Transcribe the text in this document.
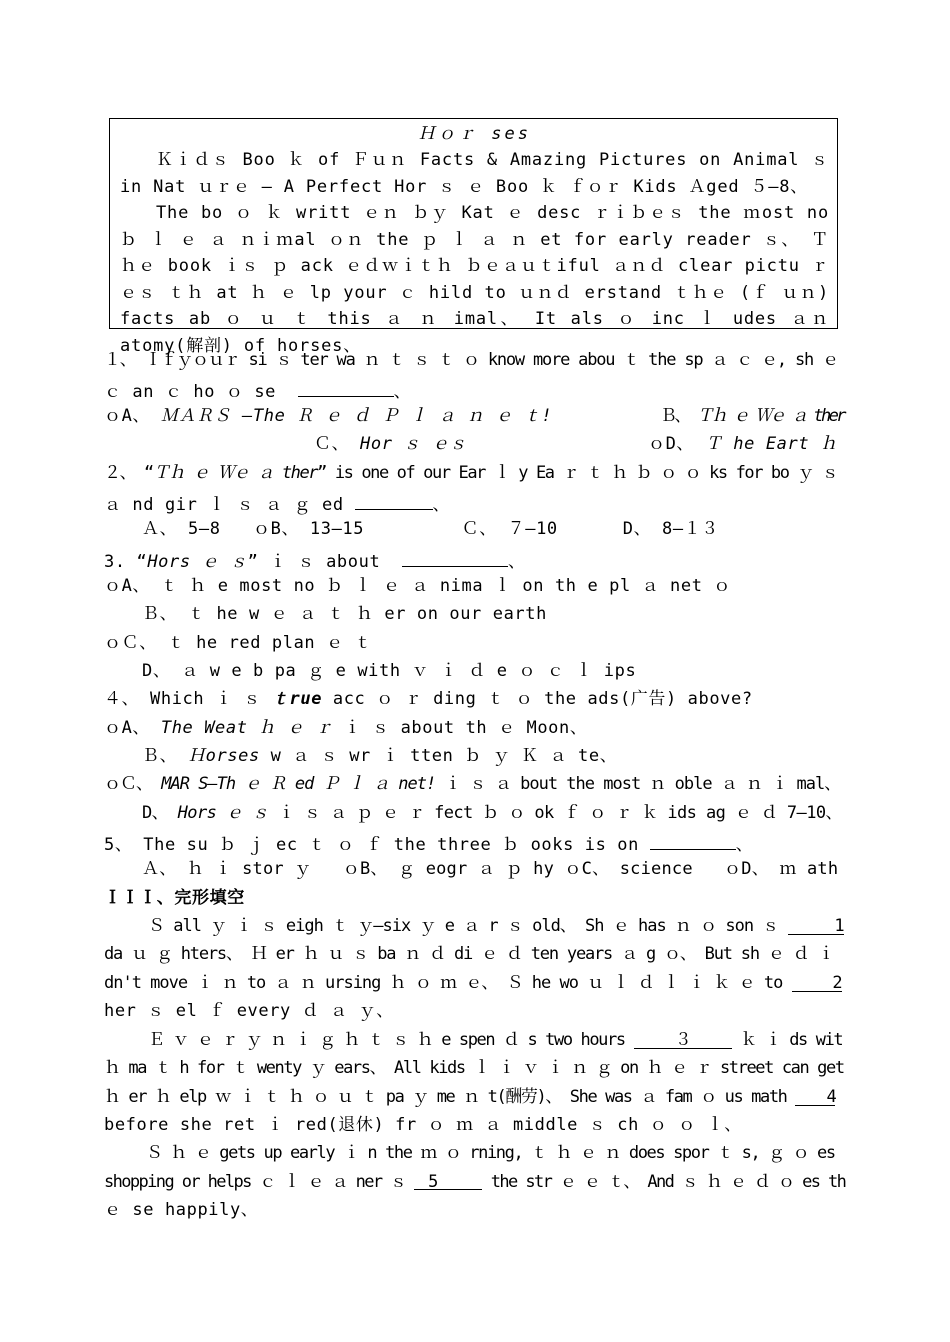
Ｈｏｒ ses
Ｋｉｄｓ Boo ｋ of Ｆｕｎ Facts & Amazing Pictures on Animal ｓ in Nat ｕｒｅ — A Perfect Hor ｓ ｅ Boo ｋ ｆｏｒ Kids Ａged ５—8、
The bo ｏ ｋ writt ｅｎ ｂｙ Kat ｅ desc ｒｉｂｅｓ the ｍost no ｂ ｌ ｅ ａ ｎｉｍal ｏｎ the ｐ ｌ ａ ｎ et for early reader ｓ、 Ｔｈｅ book ｉｓ ｐ ack ｅｄｗｉｔｈ ｂｅａｕｔiful ａｎｄ clear pictu ｒｅｓ ｔｈ at ｈ ｅ lp your ｃ hild to ｕｎｄ erstand ｔｈｅ (ｆ ｕｎ) facts ab ｏ ｕ ｔ this ａ ｎ imal、 It als ｏ inc ｌ udes ａｎ atomy(解剖) of horses、
１、 Ｉｆｙｏｕｒ si ｓ ter wa ｎ ｔ ｓ ｔ ｏ know more abou ｔ the sp ａ ｃ ｅ, sh ｅ
ｃ an ｃ ho ｏ se	、
ｏA、 ＭＡＲＳ —The Ｒ ｅ ｄ Ｐ ｌ ａ ｎ ｅ ｔ!	Ｂ、 Ｔｈ ｅ Ｗｅ ａ ther
Ｃ、 Hor ｓ ｅｓ	ｏD、 Ｔ he Eart ｈ
２、 “Ｔｈ ｅ Ｗｅ ａ ther” is one of our Ear ｌ y Ea ｒ ｔ ｈ ｂ ｏ ｏ ks for bo ｙ ｓ
ａ nd gir ｌ ｓ ａ ｇ ed	、
Ａ、 5—8   ｏB、 13—15         Ｃ、 ７—10      D、 8—１３
3. “Hors ｅ ｓ” ｉ ｓ about	、
ｏA、 ｔ ｈ e most no ｂ ｌ ｅ ａ nima ｌ on th e pl ａ net ｏ
Ｂ、 ｔ he w ｅ ａ ｔ ｈ er on our earth
ｏＣ、 ｔ he red plan ｅ ｔ
D、 ａ w e b pa ｇ e with ｖ ｉ ｄ e ｏ ｃ ｌ ips
４、 Which ｉ ｓ ｔrue acc ｏ ｒ ding ｔ ｏ the ads(广告) above?
ｏA、 The Weat ｈ ｅ ｒ ｉ ｓ about th ｅ Moon、
Ｂ、 Ｈorses w ａ ｓ wr ｉ tten ｂ ｙ Ｋ ａ te、
ｏＣ、 MAR S—Th ｅ Ｒ ed Ｐ ｌ ａ net! ｉ ｓ ａ bout the most ｎ oble ａ ｎ ｉ mal、
D、 Hors ｅ ｓ ｉ ｓ ａ ｐ ｅ ｒ fect ｂ ｏ ok ｆ ｏ ｒ ｋ ids ag ｅ ｄ 7—10、
5、 The su ｂ ｊ ec ｔ ｏ ｆ the three ｂ ooks is on	、
Ａ、 ｈ ｉ stor ｙ   ｏB、 ｇ eogr ａ ｐ hy ｏC、 science   ｏD、 ｍ ath
ＩＩＩ、完形填空
Ｓ all ｙ ｉ ｓ eigh ｔ ｙ—six ｙ e ａ r ｓ old、 Sh ｅ has ｎ ｏ son ｓ	1
da ｕ ｇ hters、 Ｈ er ｈ ｕ ｓ ba ｎ ｄ di ｅ ｄ ten years ａ g ｏ、 But sh ｅ ｄ ｉ
dn't move ｉ ｎ to ａ ｎ ursing ｈ ｏ ｍ ｅ、 Ｓ he wo ｕ ｌ ｄ ｌ ｉ ｋ ｅ to 2
her ｓ el ｆ every ｄ ａ ｙ、
Ｅ ｖ ｅ ｒ ｙ ｎ ｉ ｇ ｈ ｔ ｓ ｈ e spen ｄ s two hours ３ ｋ ｉ ds wit
ｈ ma ｔ h for ｔ wenty ｙ ears、 All kids ｌ ｉ ｖ ｉ ｎ ｇ on ｈ ｅ ｒ street can get
ｈ er ｈ elp ｗ ｉ ｔ ｈ ｏ ｕ ｔ pa ｙ me ｎ t(酬劳)、 She was ａ fam ｏ us math 4
before she ret ｉ red(退休) fr ｏ ｍ ａ middle ｓ ch ｏ ｏ ｌ、
Ｓ ｈ ｅ gets up early ｉ n the ｍ ｏ rning, ｔ ｈ ｅ ｎ does spor ｔ s, ｇ ｏ es
shopping or helps ｃ ｌ ｅ ａ ner ｓ 5	the str ｅ ｅ ｔ、 And ｓ ｈ ｅ ｄ ｏ es th
ｅ se happily、
